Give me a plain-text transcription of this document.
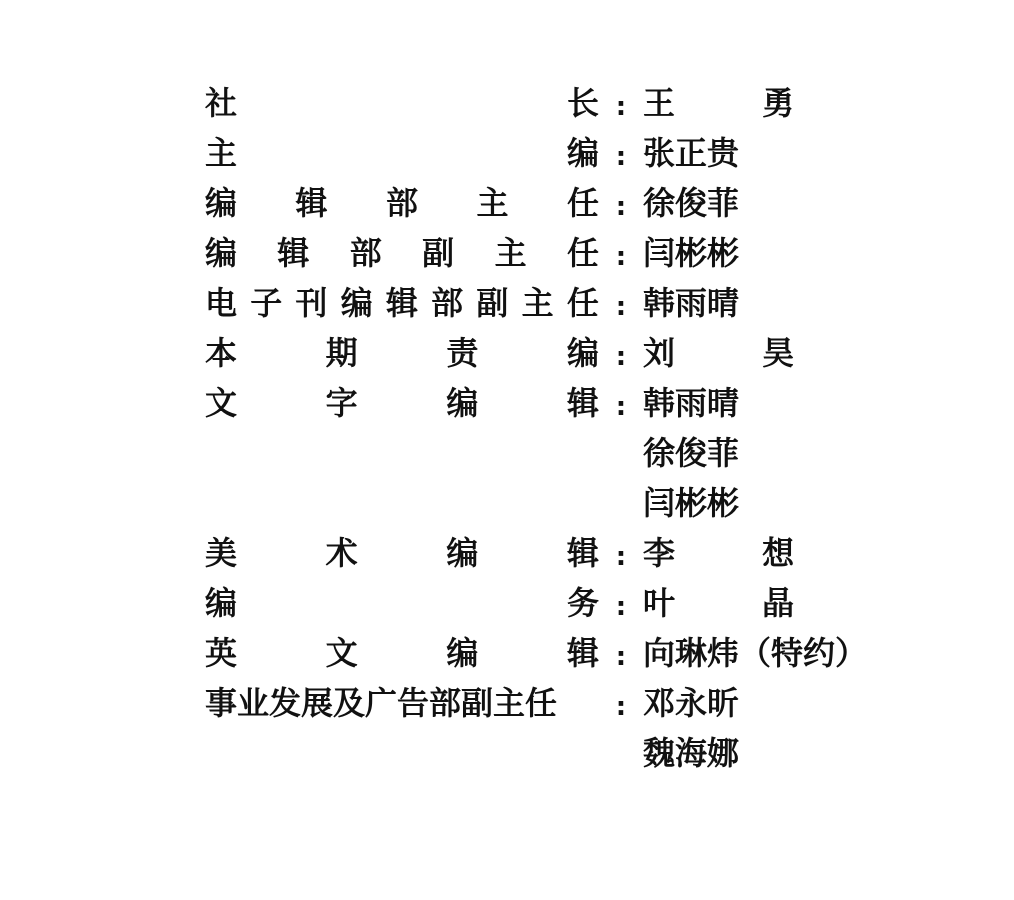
社	长 : 王 勇
主	编 : 张正贵
编 辑 部 主 任 : 徐俊菲
编 辑 部 副 主 任 : 闫彬彬
电 子 刊 编 辑 部 副 主 任 : 韩雨晴
本	期	责	编 : 刘 昊
文	字	编	辑 : 韩雨晴
徐俊菲
闫彬彬
美	术	编	辑 : 李 想
编	务 : 叶 晶
英	文	编	辑 : 向琳炜（特约）
事业发展及广告部副主任	: 邓永昕
魏海娜
